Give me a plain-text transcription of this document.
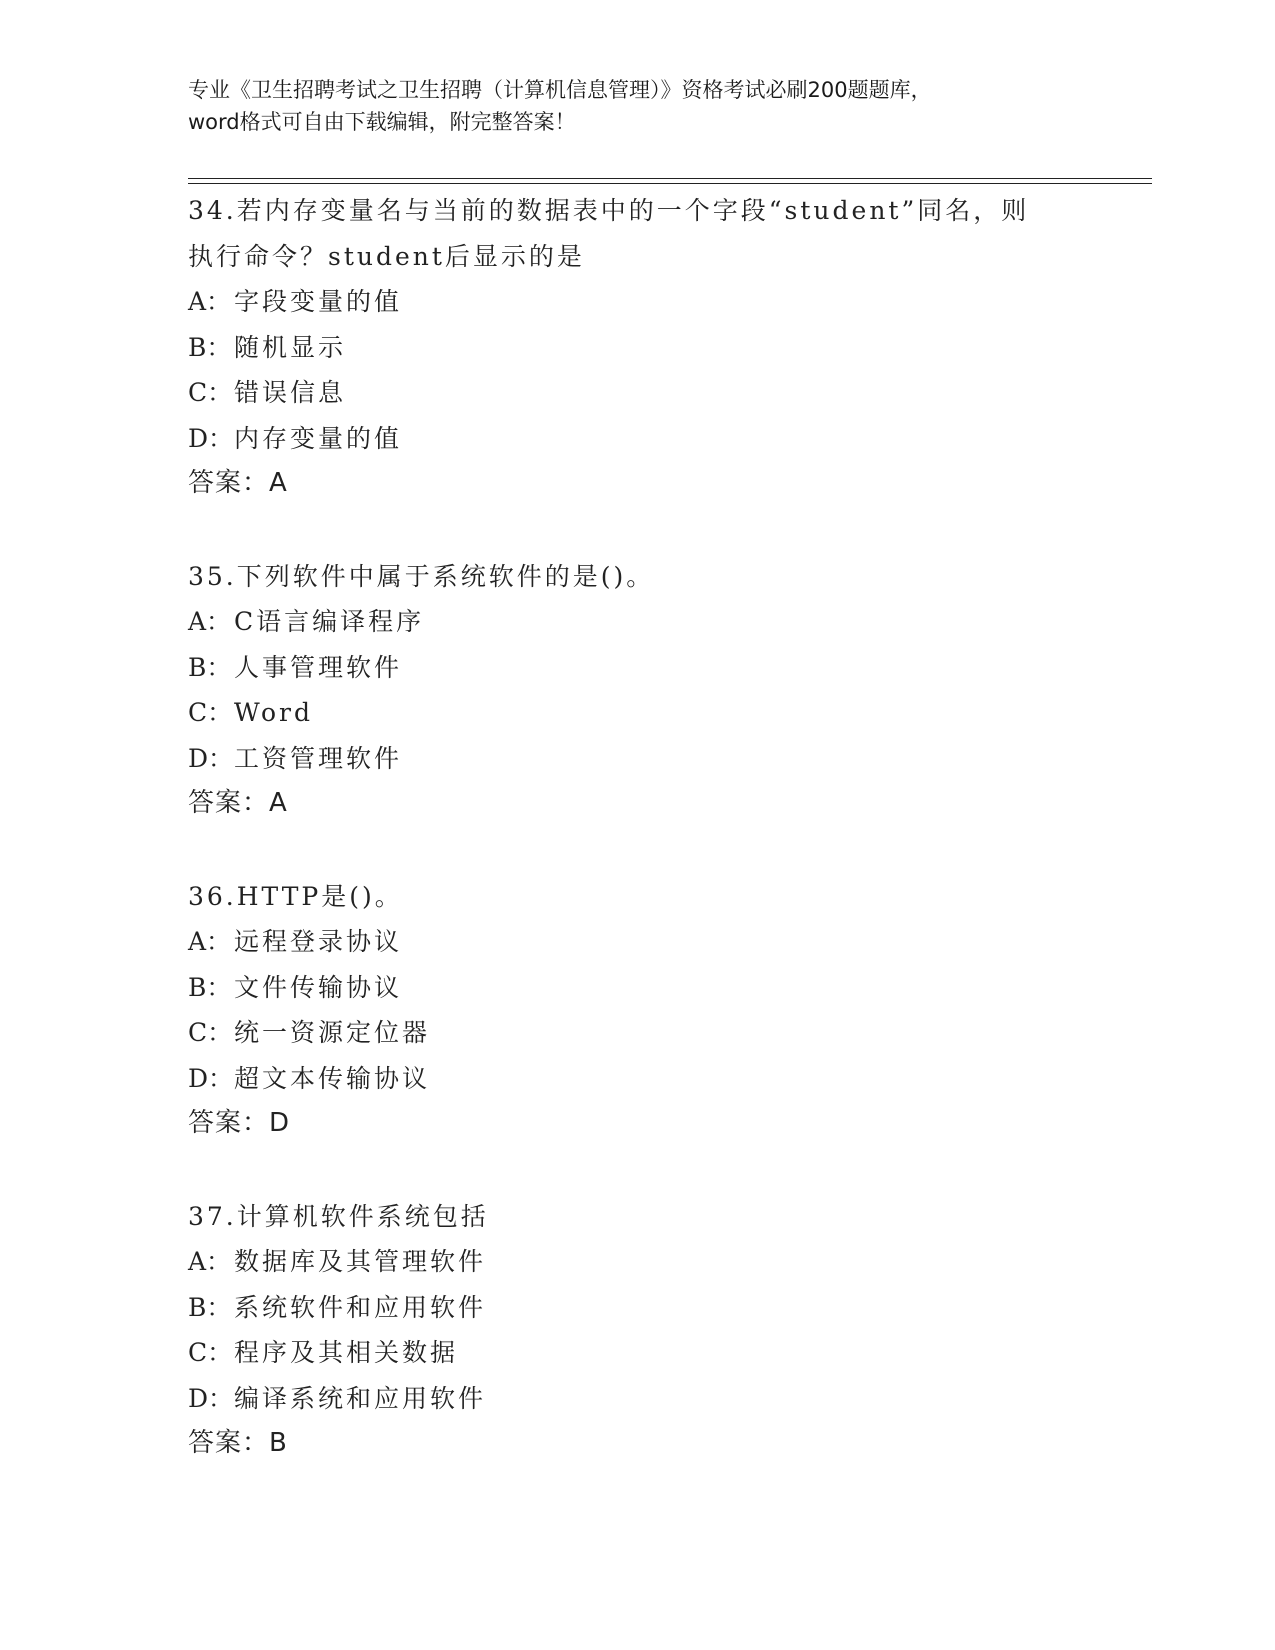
专业《卫生招聘考试之卫生招聘（计算机信息管理）》资格考试必刷200题题库，
word格式可自由下载编辑，附完整答案！
34.若内存变量名与当前的数据表中的一个字段“student”同名，则
执行命令？student后显示的是
A： 字段变量的值
B： 随机显示
C：错误信息
D：内存变量的值
答案：A
35.下列软件中属于系统软件的是()。
A： C语言编译程序
B： 人事管理软件
C：Word
D：工资管理软件
答案：A
36.HTTP是()。
A： 远程登录协议
B： 文件传输协议
C：统一资源定位器
D：超文本传输协议
答案：D
37.计算机软件系统包括
A： 数据库及其管理软件
B： 系统软件和应用软件
C：程序及其相关数据
D：编译系统和应用软件
答案：B
